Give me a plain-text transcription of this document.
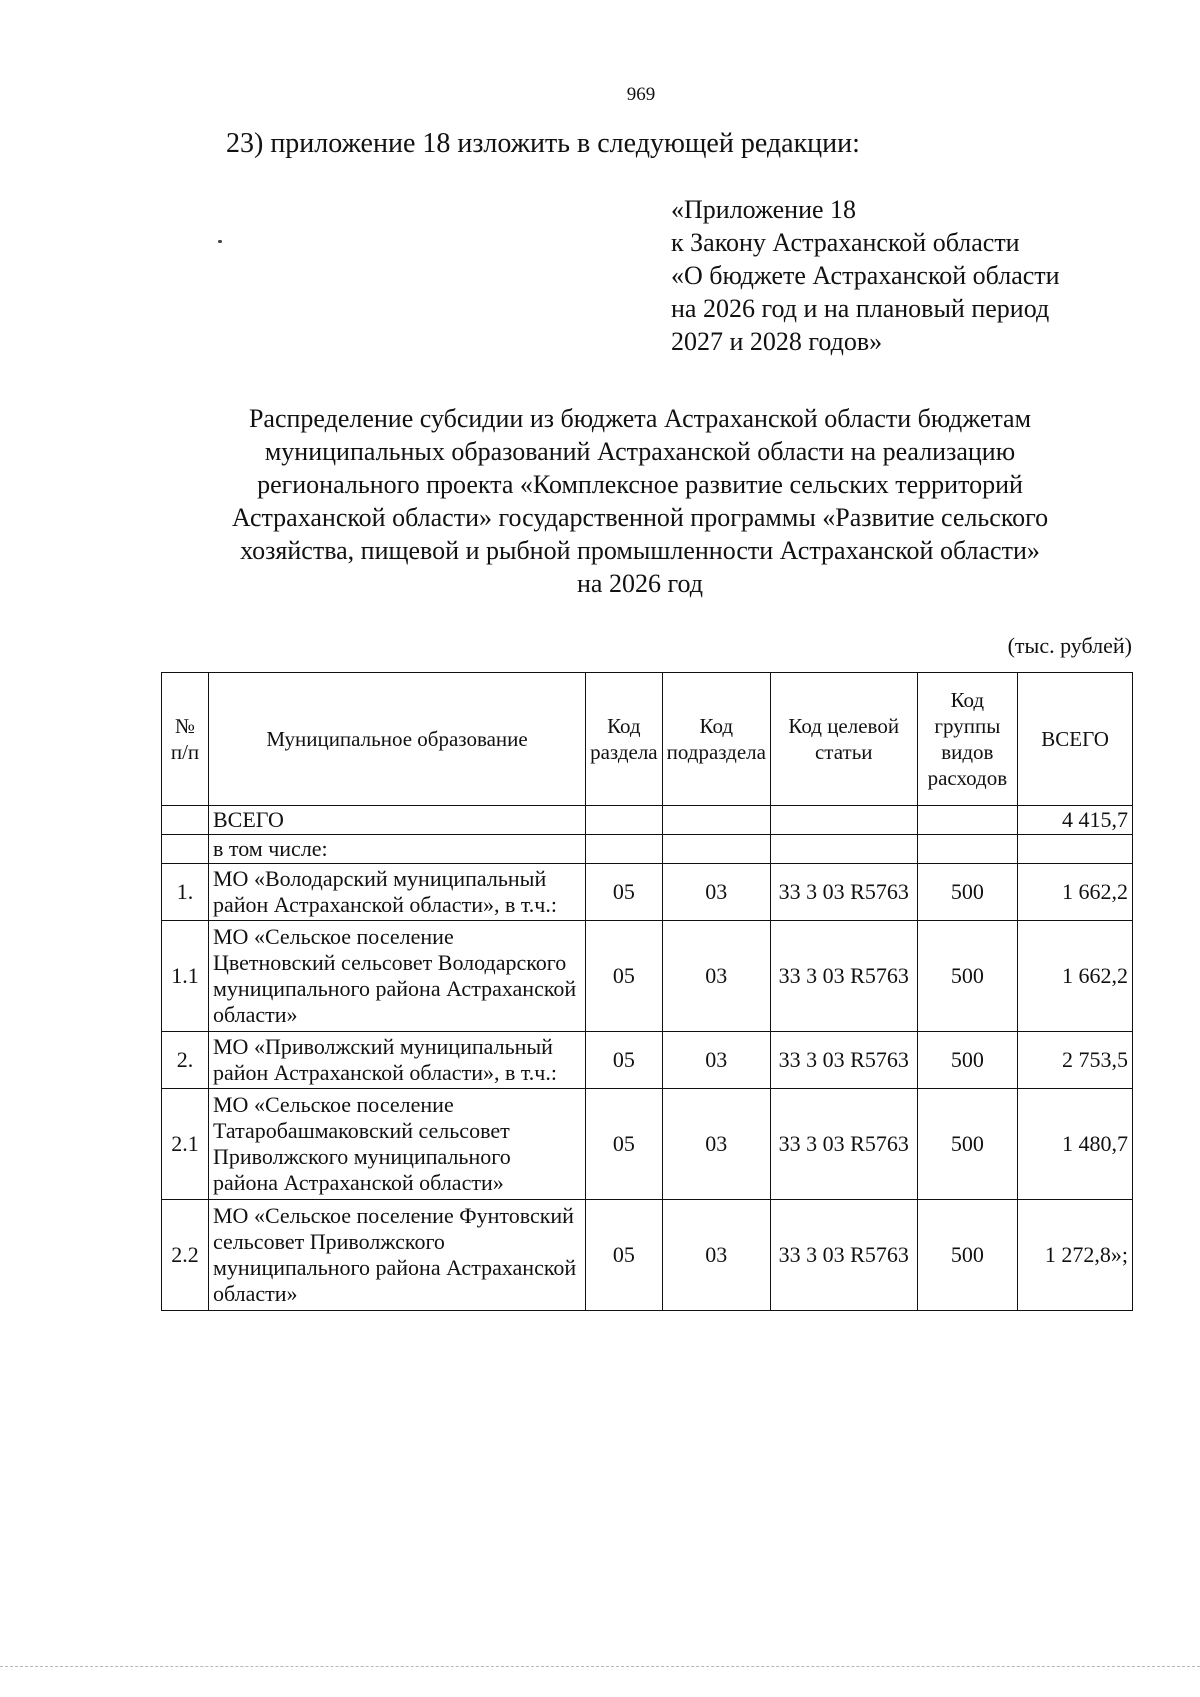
969
23) приложение 18 изложить в следующей редакции:
«Приложение 18
к Закону Астраханской области
«О бюджете Астраханской области
на 2026 год и на плановый период
2027 и 2028 годов»
Распределение субсидии из бюджета Астраханской области бюджетам
муниципальных образований Астраханской области на реализацию
регионального проекта «Комплексное развитие сельских территорий
Астраханской области» государственной программы «Развитие сельского
хозяйства, пищевой и рыбной промышленности Астраханской области»
на 2026 год
(тыс. рублей)
№ п/п	Муниципальное образование	Код раздела	Код подраздела	Код целевой статьи	Код группы видов расходов	ВСЕГО
	ВСЕГО					4 415,7
	в том числе:					
1.	МО «Володарский муниципальный район Астраханской области», в т.ч.:	05	03	33 3 03 R5763	500	1 662,2
1.1	МО «Сельское поселение Цветновский сельсовет Володарского муниципального района Астраханской области»	05	03	33 3 03 R5763	500	1 662,2
2.	МО «Приволжский муниципальный район Астраханской области», в т.ч.:	05	03	33 3 03 R5763	500	2 753,5
2.1	МО «Сельское поселение Татаробашмаковский сельсовет Приволжского муниципального района Астраханской области»	05	03	33 3 03 R5763	500	1 480,7
2.2	МО «Сельское поселение Фунтовский сельсовет Приволжского муниципального района Астраханской области»	05	03	33 3 03 R5763	500	1 272,8»;
